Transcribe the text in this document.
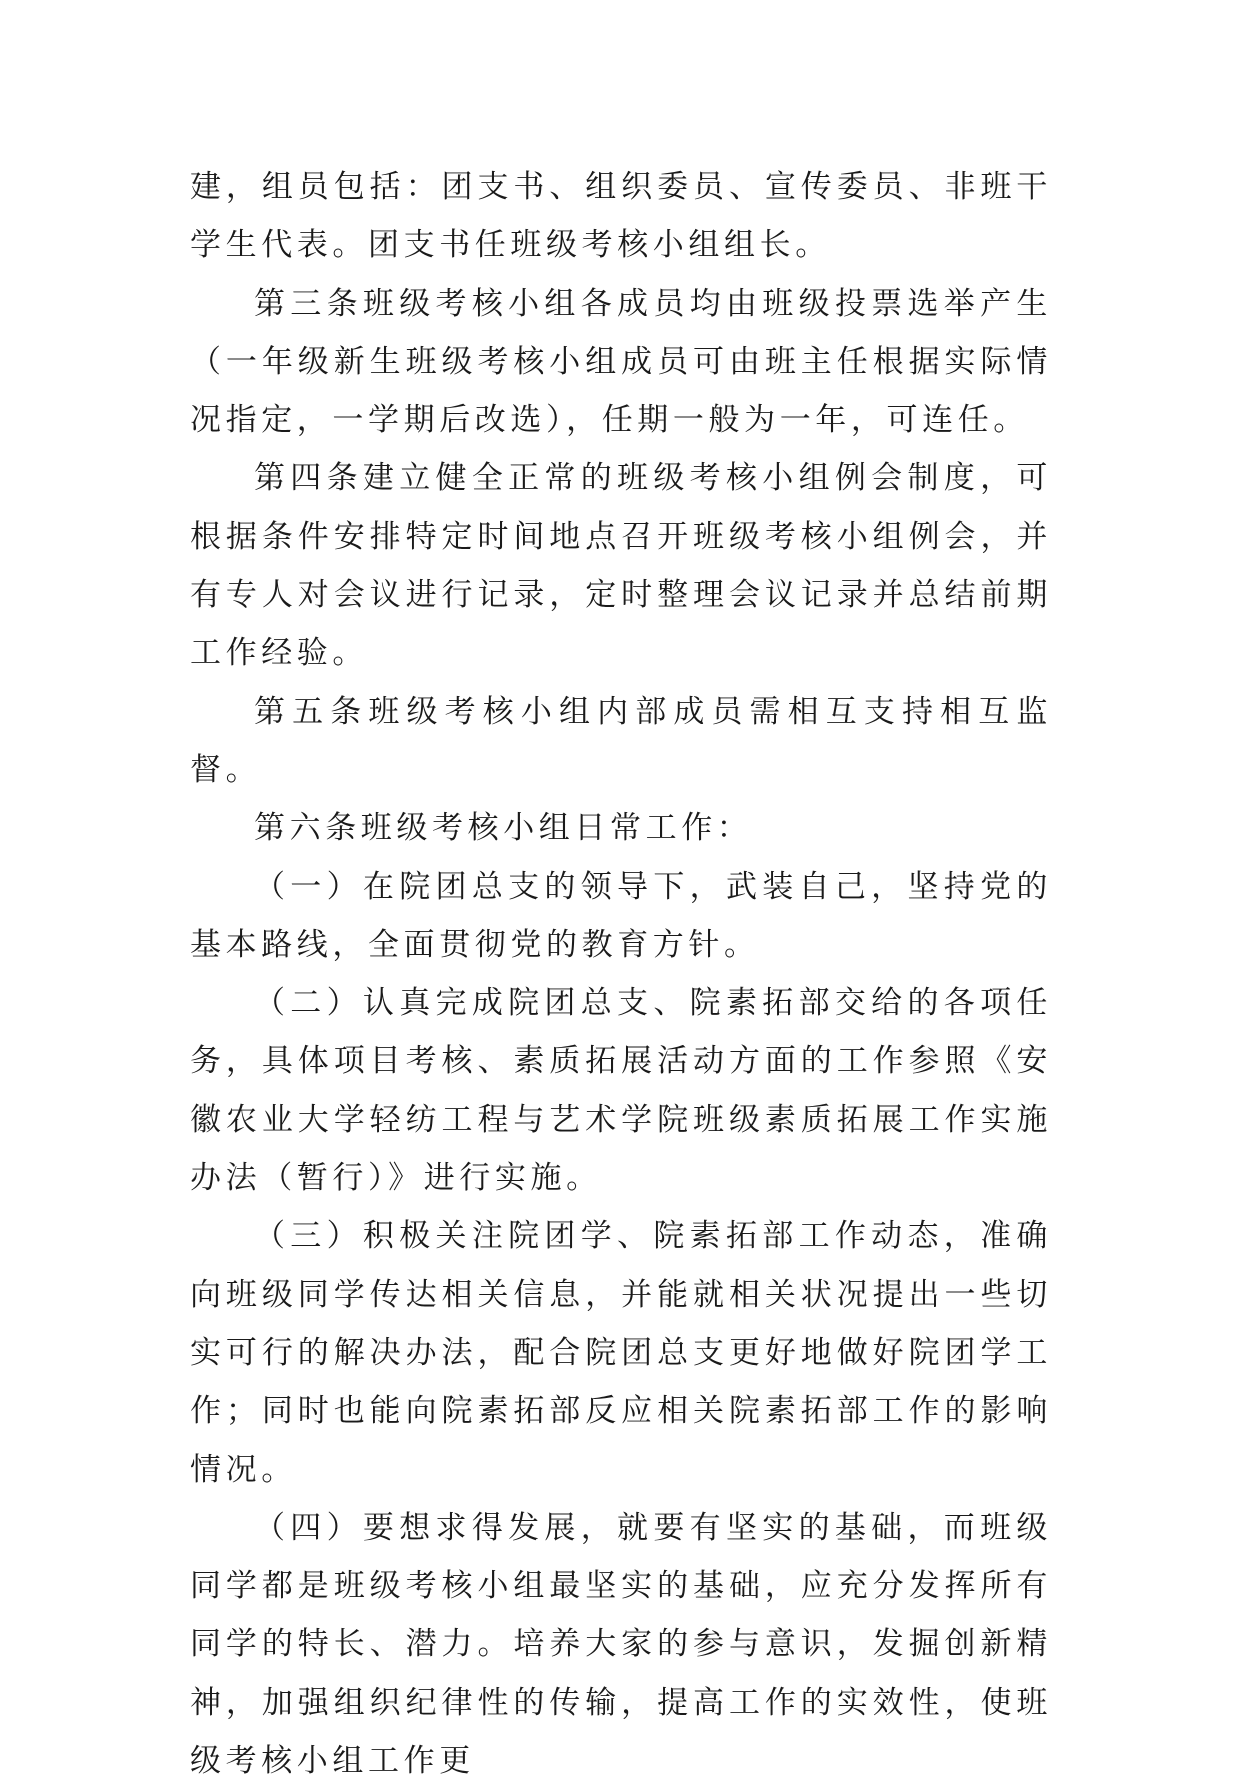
建，组员包括：团支书、组织委员、宣传委员、非班干学生代表。团支书任班级考核小组组长。

第三条班级考核小组各成员均由班级投票选举产生（一年级新生班级考核小组成员可由班主任根据实际情况指定，一学期后改选），任期一般为一年，可连任。

第四条建立健全正常的班级考核小组例会制度，可根据条件安排特定时间地点召开班级考核小组例会，并有专人对会议进行记录，定时整理会议记录并总结前期工作经验。

第五条班级考核小组内部成员需相互支持相互监督。

第六条班级考核小组日常工作：

（一）在院团总支的领导下，武装自己，坚持党的基本路线，全面贯彻党的教育方针。

（二）认真完成院团总支、院素拓部交给的各项任务，具体项目考核、素质拓展活动方面的工作参照《安徽农业大学轻纺工程与艺术学院班级素质拓展工作实施办法（暂行）》进行实施。

（三）积极关注院团学、院素拓部工作动态，准确向班级同学传达相关信息，并能就相关状况提出一些切实可行的解决办法，配合院团总支更好地做好院团学工作；同时也能向院素拓部反应相关院素拓部工作的影响情况。

（四）要想求得发展，就要有坚实的基础，而班级同学都是班级考核小组最坚实的基础，应充分发挥所有同学的特长、潜力。培养大家的参与意识，发掘创新精神，加强组织纪律性的传输，提高工作的实效性，使班级考核小组工作更
